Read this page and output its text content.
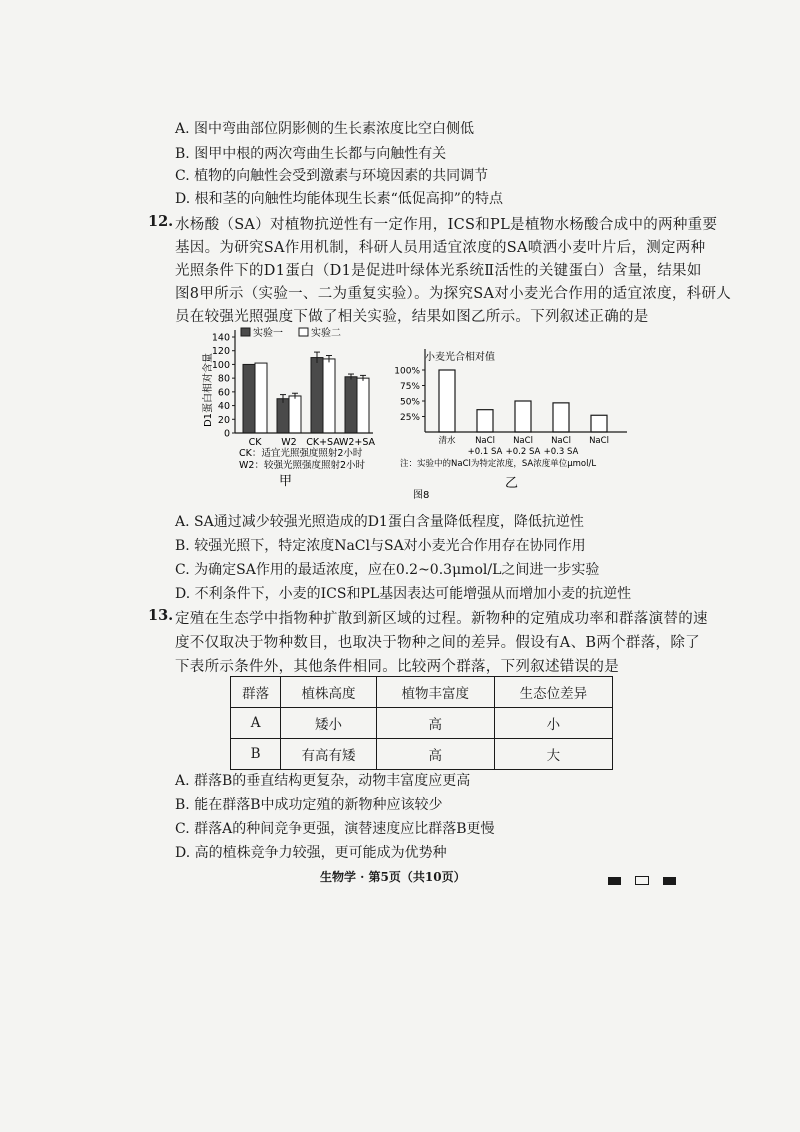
A. 图中弯曲部位阴影侧的生长素浓度比空白侧低
B. 图甲中根的两次弯曲生长都与向触性有关
C. 植物的向触性会受到激素与环境因素的共同调节
D. 根和茎的向触性均能体现生长素“低促高抑”的特点
12. 水杨酸（SA）对植物抗逆性有一定作用，ICS和PL是植物水杨酸合成中的两种重要
基因。为研究SA作用机制，科研人员用适宜浓度的SA喷洒小麦叶片后，测定两种
光照条件下的D1蛋白（D1是促进叶绿体光系统Ⅱ活性的关键蛋白）含量，结果如
图8甲所示（实验一、二为重复实验）。为探究SA对小麦光合作用的适宜浓度，科研人
员在较强光照强度下做了相关实验，结果如图乙所示。下列叙述正确的是
D1蛋白相对含量
0
20
40
60
80
100
120
140
CK W2 CK+SA W2+SA
实验一	实验二
CK：适宜光照强度照射2小时
W2：较强光照强度照射2小时
甲
小麦光合相对值
25%
50%
75%
100%
清水 NaCl
+0.1 SA
NaCl
+0.2 SA
NaCl
+0.3 SA
NaCl
注：实验中的NaCl为特定浓度，SA浓度单位μmol/L
乙
图8
A. SA通过减少较强光照造成的D1蛋白含量降低程度，降低抗逆性
B. 较强光照下，特定浓度NaCl与SA对小麦光合作用存在协同作用
C. 为确定SA作用的最适浓度，应在0.2~0.3μmol/L之间进一步实验
D. 不利条件下，小麦的ICS和PL基因表达可能增强从而增加小麦的抗逆性
13. 定殖在生态学中指物种扩散到新区域的过程。新物种的定殖成功率和群落演替的速
度不仅取决于物种数目，也取决于物种之间的差异。假设有A、B两个群落，除了
下表所示条件外，其他条件相同。比较两个群落，下列叙述错误的是
群落	植株高度	植物丰富度	生态位差异
A	矮小	高	小
B	有高有矮	高	大
A. 群落B的垂直结构更复杂，动物丰富度应更高
B. 能在群落B中成功定殖的新物种应该较少
C. 群落A的种间竞争更强，演替速度应比群落B更慢
D. 高的植株竞争力较强，更可能成为优势种
生物学 · 第5页（共10页）
